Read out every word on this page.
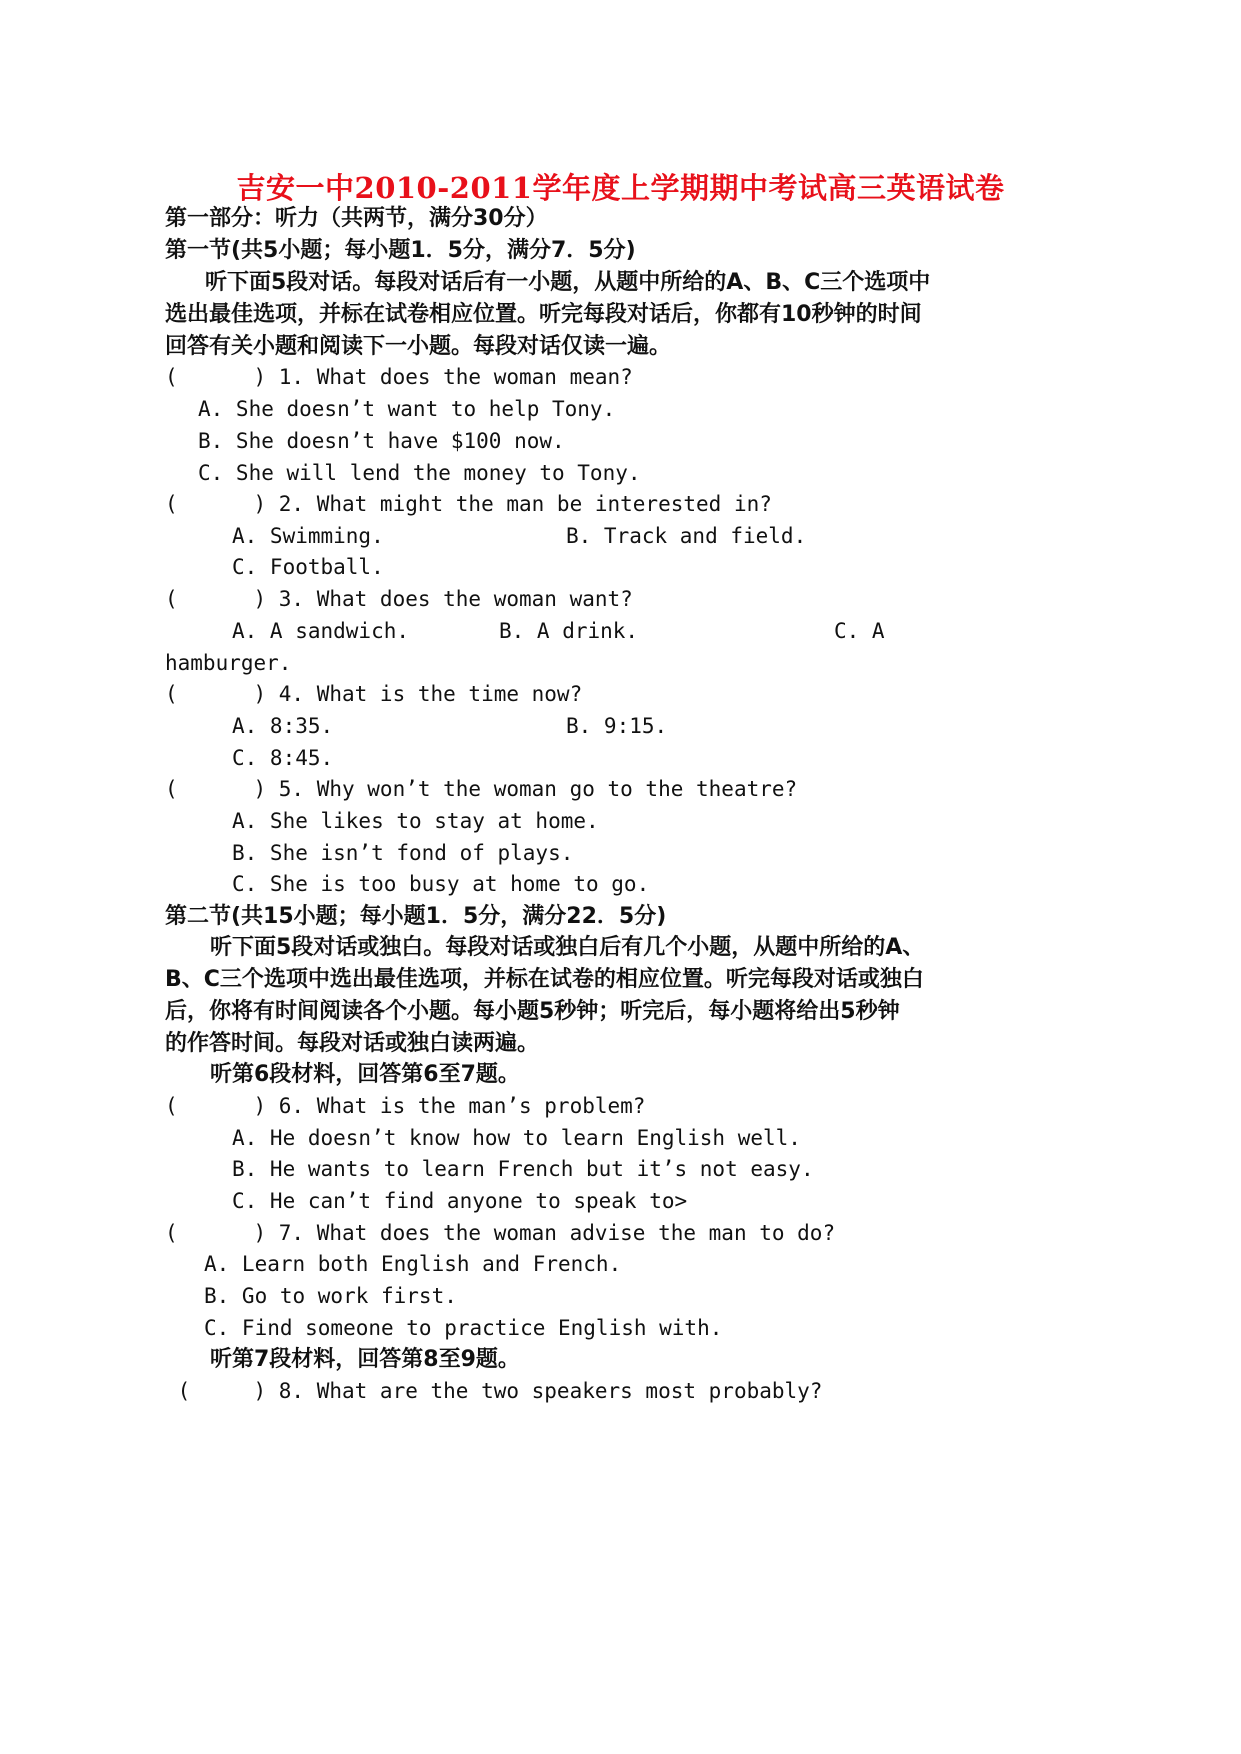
吉安一中2010-2011学年度上学期期中考试高三英语试卷
第一部分：听力（共两节，满分30分）
第一节(共5小题；每小题1．5分，满分7．5分)
听下面5段对话。每段对话后有一小题，从题中所给的A、B、C三个选项中
选出最佳选项，并标在试卷相应位置。听完每段对话后，你都有10秒钟的时间
回答有关小题和阅读下一小题。每段对话仅读一遍。
(      ) 1. What does the woman mean?
A. She doesn’t want to help Tony.
B. She doesn’t have $100 now.
C. She will lend the money to Tony.
(      ) 2. What might the man be interested in?
A. Swimming.	B. Track and field.
C. Football.
(      ) 3. What does the woman want?
A. A sandwich.	B. A drink.	C. A
hamburger.
(      ) 4. What is the time now?
A. 8:35.	B. 9:15.
C. 8:45.
(      ) 5. Why won’t the woman go to the theatre?
A. She likes to stay at home.
B. She isn’t fond of plays.
C. She is too busy at home to go.
第二节(共15小题；每小题1．5分，满分22．5分)
听下面5段对话或独白。每段对话或独白后有几个小题，从题中所给的A、
B、C三个选项中选出最佳选项，并标在试卷的相应位置。听完每段对话或独白
后，你将有时间阅读各个小题。每小题5秒钟；听完后，每小题将给出5秒钟
的作答时间。每段对话或独白读两遍。
听第6段材料，回答第6至7题。
(      ) 6. What is the man’s problem?
A. He doesn’t know how to learn English well.
B. He wants to learn French but it’s not easy.
C. He can’t find anyone to speak to>
(      ) 7. What does the woman advise the man to do?
A. Learn both English and French.
B. Go to work first.
C. Find someone to practice English with.
听第7段材料，回答第8至9题。
(     ) 8. What are the two speakers most probably?
